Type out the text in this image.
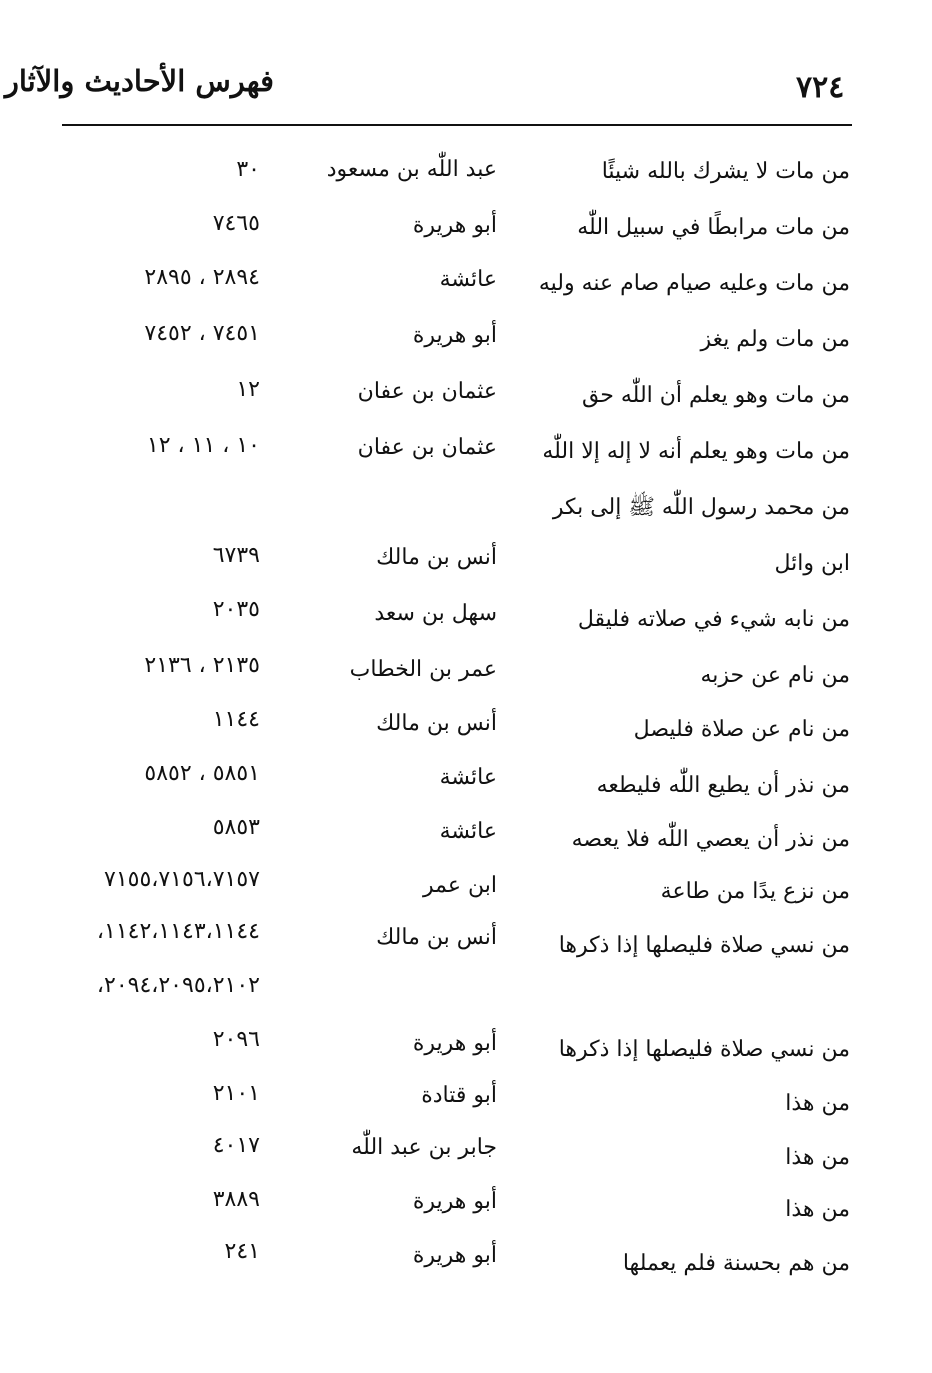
٧٢٤
فهرس الأحاديث والآثار
من مات لا يشرك بالله شيئًا
عبد اللّٰه بن مسعود
٣٠
من مات مرابطًا في سبيل اللّٰه
أبو هريرة
٧٤٦٥
من مات وعليه صيام صام عنه وليه
عائشة
٢٨٩٤ ، ٢٨٩٥
من مات ولم يغز
أبو هريرة
٧٤٥١ ، ٧٤٥٢
من مات وهو يعلم أن اللّٰه حق
عثمان بن عفان
١٢
من مات وهو يعلم أنه لا إله إلا اللّٰه
عثمان بن عفان
١٠ ، ١١ ، ١٢
من محمد رسول اللّٰه ﷺ إلى بكر
ابن وائل
أنس بن مالك
٦٧٣٩
من نابه شيء في صلاته فليقل
سهل بن سعد
٢٠٣٥
من نام عن حزبه
عمر بن الخطاب
٢١٣٥ ، ٢١٣٦
من نام عن صلاة فليصل
أنس بن مالك
١١٤٤
من نذر أن يطيع اللّٰه فليطعه
عائشة
٥٨٥١ ، ٥٨٥٢
من نذر أن يعصي اللّٰه فلا يعصه
عائشة
٥٨٥٣
من نزع يدًا من طاعة
ابن عمر
٧١٥٥،٧١٥٦،٧١٥٧
من نسي صلاة فليصلها إذا ذكرها
أنس بن مالك
١١٤٢،١١٤٣،١١٤٤،
٢٠٩٤،٢٠٩٥،٢١٠٢،
من نسي صلاة فليصلها إذا ذكرها
أبو هريرة
٢٠٩٦
من هذا
أبو قتادة
٢١٠١
من هذا
جابر بن عبد اللّٰه
٤٠١٧
من هذا
أبو هريرة
٣٨٨٩
من هم بحسنة فلم يعملها
أبو هريرة
٢٤١
